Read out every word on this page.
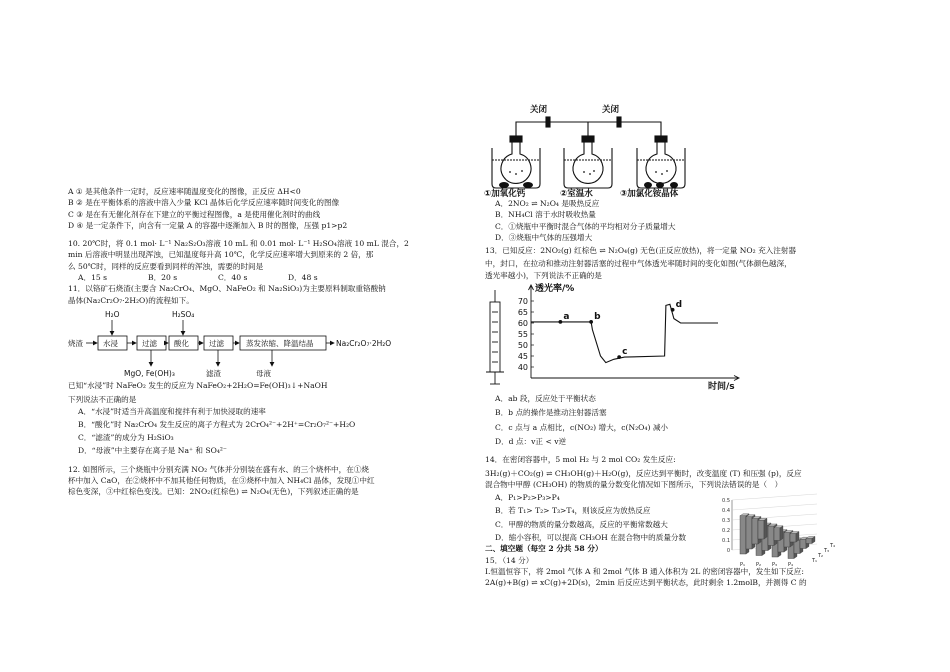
A ① 是其他条件一定时，反应速率随温度变化的图像，正反应 ΔH<0
B ② 是在平衡体系的溶液中溶入少量 KCl 晶体后化学反应速率随时间变化的图像
C ③ 是在有无催化剂存在下建立的平衡过程图像，a 是使用催化剂时的曲线
D ④ 是一定条件下，向含有一定量 A 的容器中逐渐加入 B 时的图像，压强 p1>p2
10. 20℃时，将 0.1 mol· L⁻¹ Na₂S₂O₃溶液 10 mL 和 0.01 mol· L⁻¹ H₂SO₄溶液 10 mL 混合，2
min 后溶液中明显出现浑浊，已知温度每升高 10℃，化学反应速率增大到原来的 2 倍，那
么 50℃时，同样的反应要看到同样的浑浊，需要的时间是
A．15 s	B．20 s	C．40 s	D．48 s
11．以铬矿石烧渣(主要含 Na₂CrO₄、MgO、NaFeO₂ 和 Na₂SiO₃)为主要原料制取重铬酸钠
晶体(Na₂Cr₂O₇·2H₂O)的流程如下。
烧渣
H₂O	H₂SO₄
水浸	过滤 酸化	过滤	蒸发浓缩、降温结晶	Na₂Cr₂O₇·2H₂O
MgO, Fe(OH)₃	滤渣	母液
已知“水浸”时 NaFeO₂ 发生的反应为 NaFeO₂+2H₂O=Fe(OH)₃↓+NaOH
下列说法不正确的是
A．“水浸”时适当升高温度和搅拌有利于加快浸取的速率
B．“酸化”时 Na₂CrO₄ 发生反应的离子方程式为 2CrO₄²⁻+2H⁺=Cr₂O₇²⁻+H₂O
C．“滤渣”的成分为 H₂SiO₃
D．“母液”中主要存在离子是 Na⁺ 和 SO₄²⁻
12. 如图所示，三个烧瓶中分别充满 NO₂ 气体并分别装在盛有水、的三个烧杯中，在①烧
杯中加入 CaO，在②烧杯中不加其他任何物质，在③烧杯中加入 NH₄Cl 晶体，发现①中红
棕色变深，③中红棕色变浅。已知：2NO₂(红棕色) ⇌ N₂O₄(无色)，下列叙述正确的是
关闭	关闭
①加氧化钙	②室温水	③加氯化铵晶体
A．2NO₂ ⇌ N₂O₄ 是吸热反应
B．NH₄Cl 溶于水时吸收热量
C．①烧瓶中平衡时混合气体的平均相对分子质量增大
D．③烧瓶中气体的压强增大
13．已知反应：2NO₂(g) 红棕色 ⇌ N₂O₄(g) 无色(正反应放热)，将一定量 NO₂ 充入注射器
中，封口，在拉动和推动注射器活塞的过程中气体透光率随时间的变化如图(气体颜色越深，
透光率越小)，下列说法不正确的是
A．ab 段，反应处于平衡状态
B．b 点的操作是推动注射器活塞
C．c 点与 a 点相比，c(NO₂) 增大，c(N₂O₄) 减小
D．d 点：v正 < v逆
14．在密闭容器中，5 mol H₂ 与 2 mol CO₂ 发生反应:
3H₂(g)＋CO₂(g) ⇌ CH₃OH(g)＋H₂O(g)，反应达到平衡时，改变温度 (T) 和压强 (p)，反应
混合物中甲醇 (CH₃OH) 的物质的量分数变化情况如下图所示，下列说法错误的是（　）
A．P₁>P₂>P₃>P₄
B．若 T₁> T₂> T₃>T₄，则该反应为放热反应
C．甲醇的物质的量分数越高，反应的平衡常数越大
D．缩小容积，可以提高 CH₃OH 在混合物中的质量分数
二、填空题（每空 2 分共 58 分）
15．（14 分）
Ⅰ.恒温恒容下，将 2mol 气体 A 和 2mol 气体 B 通入体积为 2L 的密闭容器中，发生如下反应:
2A(g)+B(g) ⇌ xC(g)+2D(s)，2min 后反应达到平衡状态，此时剩余 1.2molB，并测得 C 的
70
65
60
55
50
45
40
透光率/%
时间/s
a	b
c
d
0.5
0.4
0.3
0.2
0.1
0
P₁ P₂ P₃ P₄
T₁
T₂
T₃
T₄
